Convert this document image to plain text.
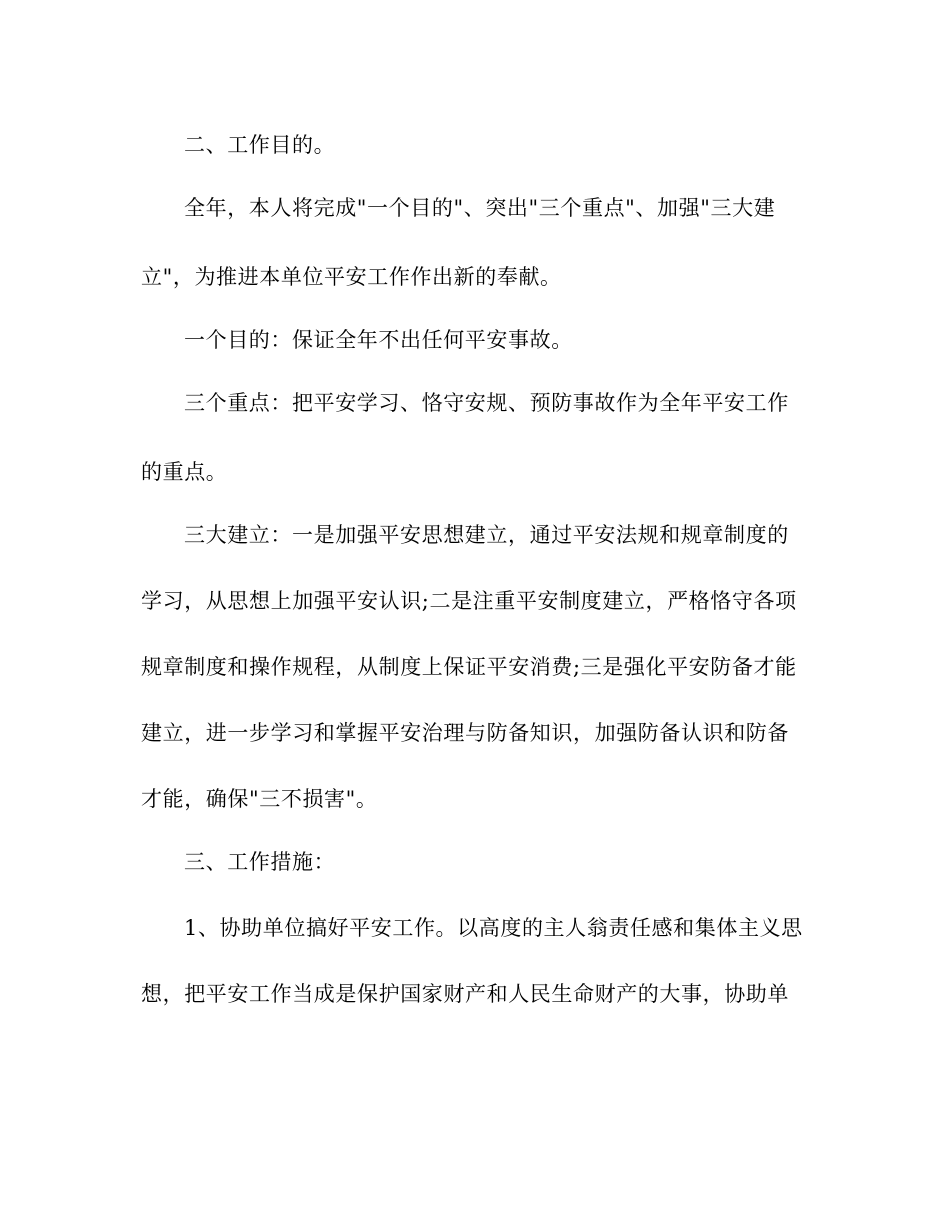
二、工作目的。
全年，本人将完成"一个目的"、突出"三个重点"、加强"三大建
立"，为推进本单位平安工作作出新的奉献。
一个目的：保证全年不出任何平安事故。
三个重点：把平安学习、恪守安规、预防事故作为全年平安工作
的重点。
三大建立：一是加强平安思想建立，通过平安法规和规章制度的
学习，从思想上加强平安认识;二是注重平安制度建立，严格恪守各项
规章制度和操作规程，从制度上保证平安消费;三是强化平安防备才能
建立，进一步学习和掌握平安治理与防备知识，加强防备认识和防备
才能，确保"三不损害"。
三、工作措施：
1、协助单位搞好平安工作。以高度的主人翁责任感和集体主义思
想，把平安工作当成是保护国家财产和人民生命财产的大事，协助单
